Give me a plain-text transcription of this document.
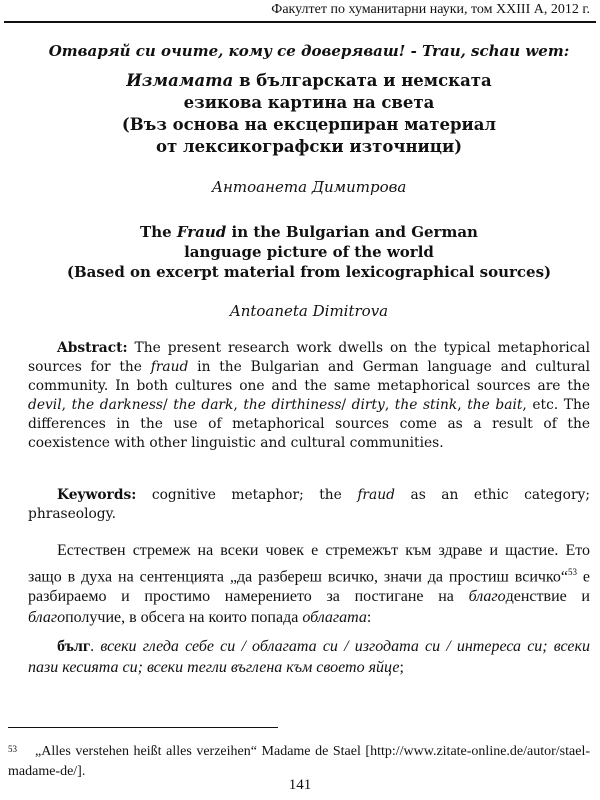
Факултет по хуманитарни науки, том XXIII А, 2012 г.
Отваряй си очите, кому се доверяваш! - Trau, schau wem:
Измамата в българската и немската
езикова картина на света
(Въз основа на ексцерпиран материал
от лексикографски източници)
Антоанета Димитрова
The Fraud in the Bulgarian and German
language picture of the world
(Based on excerpt material from lexicographical sources)
Antoaneta Dimitrova

Abstract: The present research work dwells on the typical metaphorical sources for the fraud in the Bulgarian and German language and cultural community. In both cultures one and the same metaphorical sources are the devil, the darkness/ the dark, the dirthiness/ dirty, the stink, the bait, etc. The differences in the use of metaphorical sources come as a result of the coexistence with other linguistic and cultural communities.

Keywords: cognitive metaphor; the fraud as an ethic category; phraseology.

Естествен стремеж на всеки човек е стремежът към здраве и щастие. Ето защо в духа на сентенцията „да разбереш всичко, значи да простиш всичко“$^{53}$ е разбираемо и простимо намерението за постигане на благоденствие и благополучие, в обсега на които попада облагата:

бълг. всеки гледа себе си / облагата си / изгодата си / интереса си; всеки пази кесията си; всеки тегли въглена към своето яйце;

$^{53}$ „Alles verstehen heißt alles verzeihen“ Madame de Stael [http://www.zitate-online.de/autor/stael-madame-de/].
141
